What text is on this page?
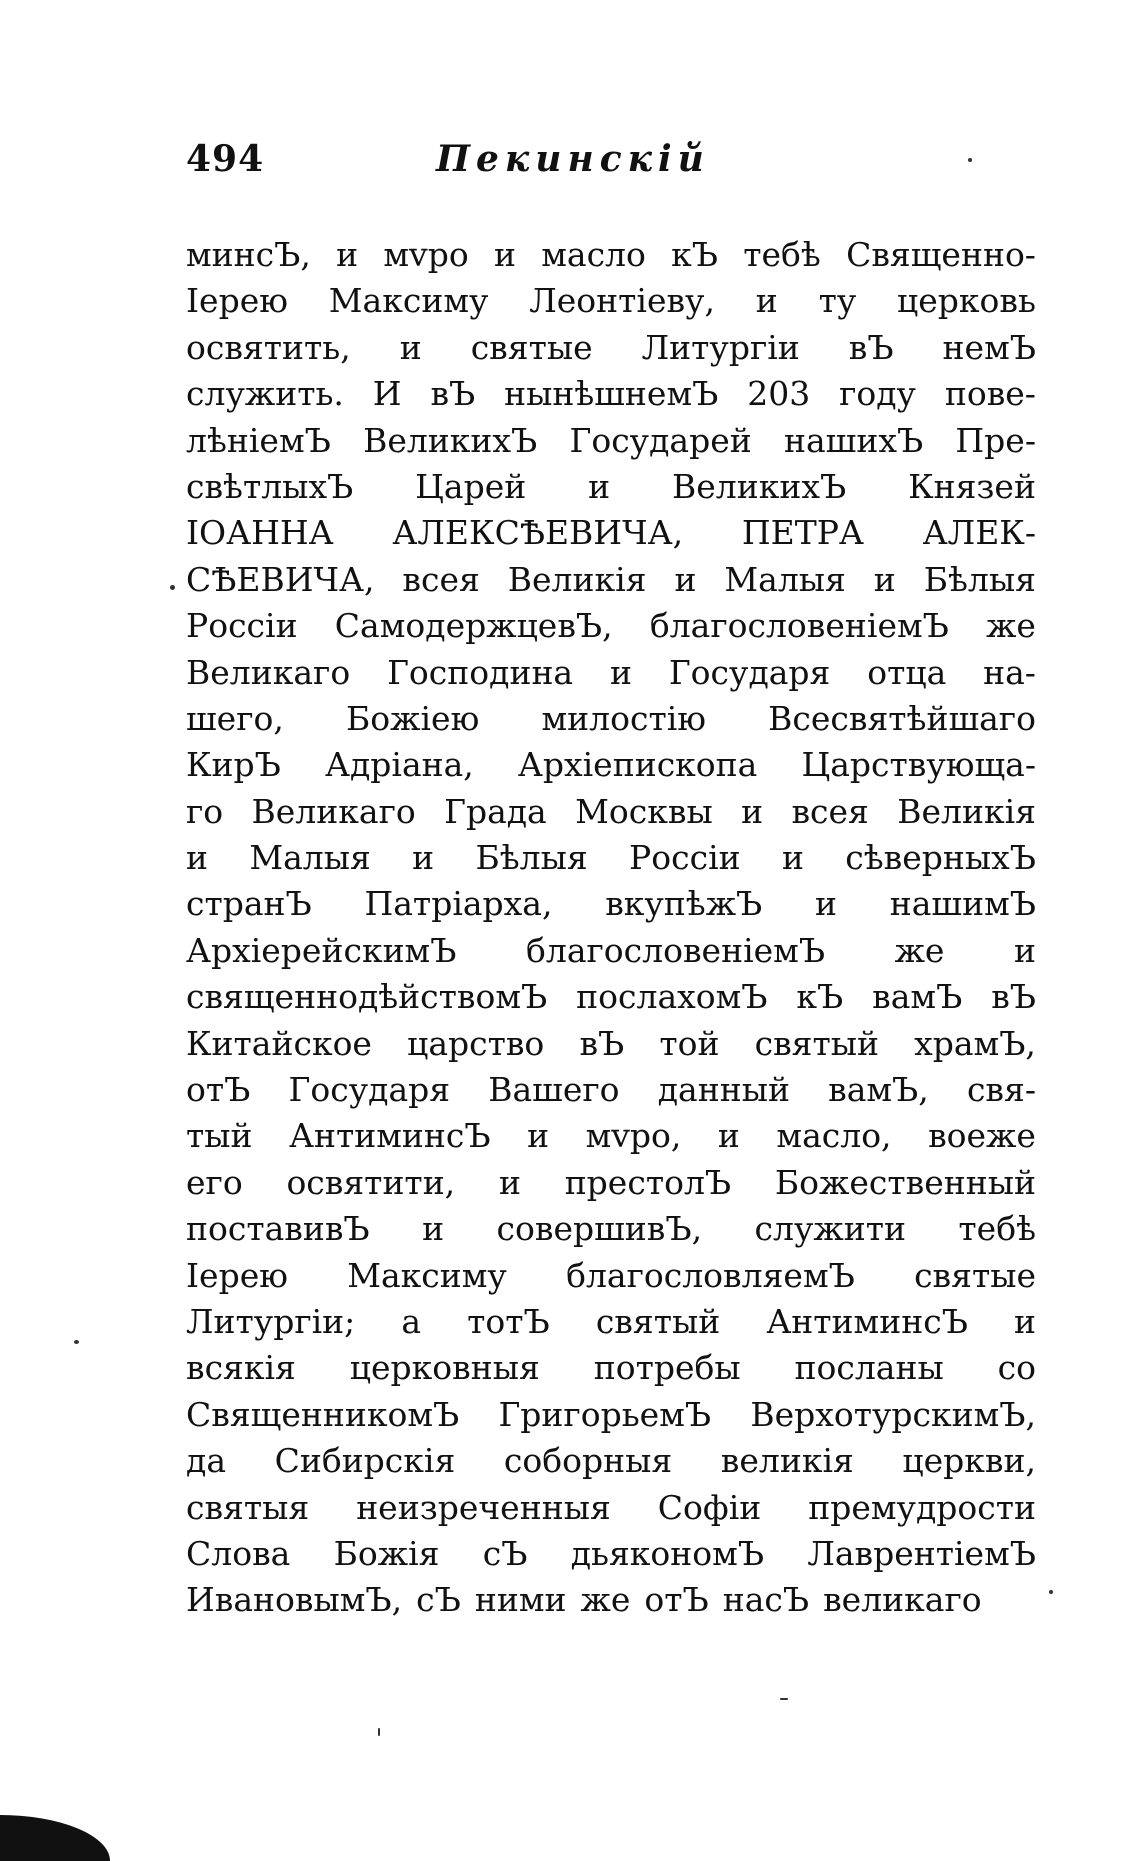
494	Пекинскій
минсЪ, и мvро и масло кЪ тебѣ Священно-
Іерею Максиму Леонтіеву, и ту церковь
освятить, и святые Литургіи вЪ немЪ
служить. И вЪ нынѣшнемЪ 203 году пове-
лѣніемЪ ВеликихЪ Государей нашихЪ Пре-
свѣтлыхЪ Царей и ВеликихЪ Князей
ІОАННА АЛЕКСѢЕВИЧА, ПЕТРА АЛЕК-
СѢЕВИЧА, всея Великія и Малыя и Бѣлыя
Россіи СамодержцевЪ, благословеніемЪ же
Великаго Господина и Государя отца на-
шего, Божіею милостію Всесвятѣйшаго
КирЪ Адріана, Архіепископа Царствующа-
го Великаго Града Москвы и всея Великія
и Малыя и Бѣлыя Россіи и сѣверныхЪ
странЪ Патріарха, вкупѣжЪ и нашимЪ
АрхіерейскимЪ благословеніемЪ же и
священнодѣйствомЪ послахомЪ кЪ вамЪ вЪ
Китайское царство вЪ той святый храмЪ,
отЪ Государя Вашего данный вамЪ, свя-
тый АнтиминсЪ и мvро, и масло, воеже
его освятити, и престолЪ Божественный
поставивЪ и совершивЪ, служити тебѣ
Іерею Максиму благословляемЪ святые
Литургіи; а тотЪ святый АнтиминсЪ и
всякія церковныя потребы посланы со
СвященникомЪ ГригорьемЪ ВерхотурскимЪ,
да Сибирскія соборныя великія церкви,
святыя неизреченныя Софіи премудрости
Слова Божія сЪ дьякономЪ ЛаврентіемЪ
ИвановымЪ, сЪ ними же отЪ насЪ великаго
